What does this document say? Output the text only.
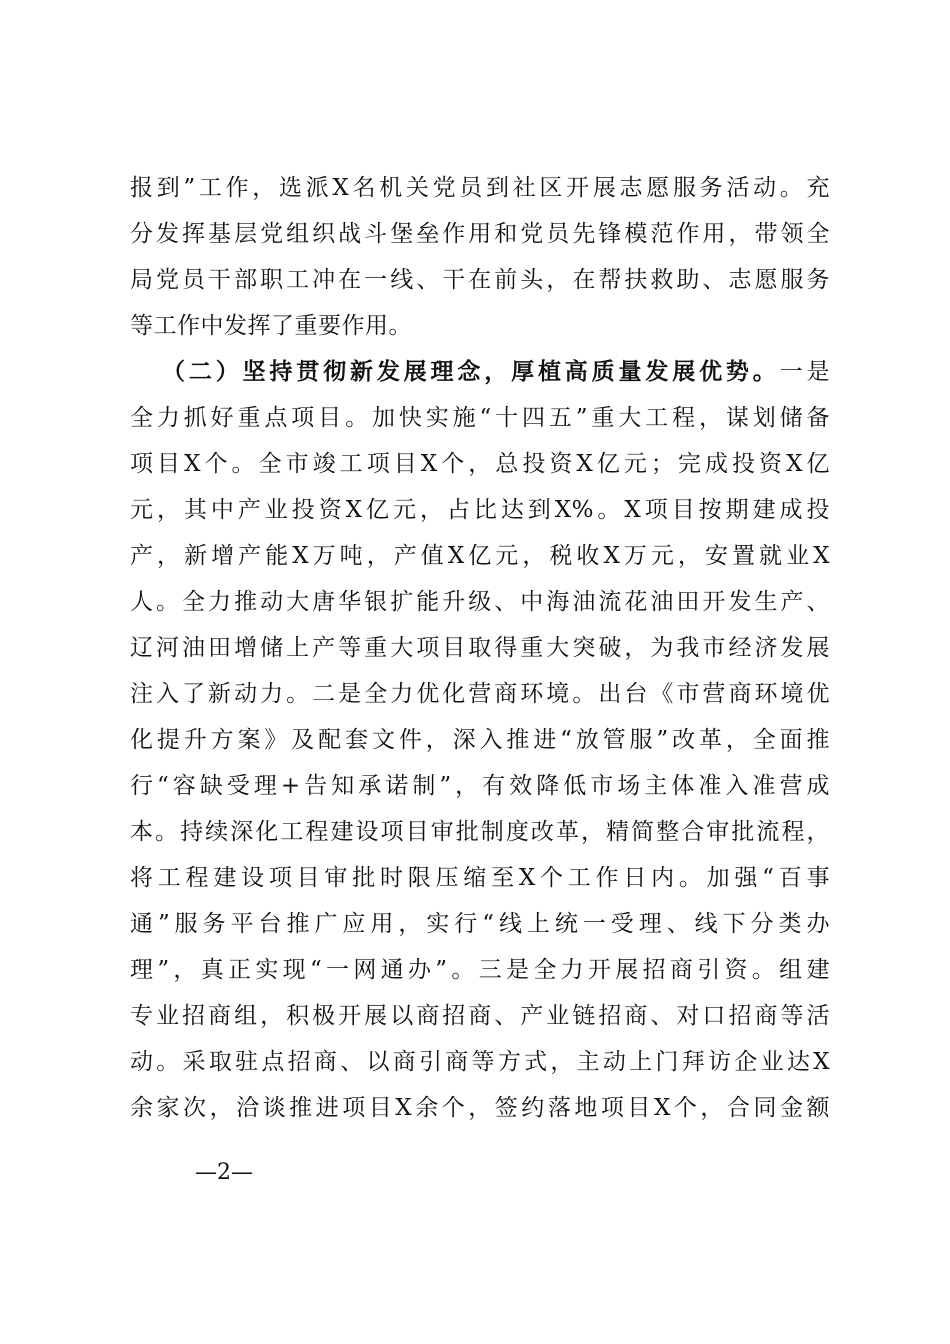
报到”工作，选派X名机关党员到社区开展志愿服务活动。充
分发挥基层党组织战斗堡垒作用和党员先锋模范作用，带领全
局党员干部职工冲在一线、干在前头，在帮扶救助、志愿服务
等工作中发挥了重要作用。
（二）坚持贯彻新发展理念，厚植高质量发展优势。一是
全力抓好重点项目。加快实施“十四五”重大工程，谋划储备
项目X个。全市竣工项目X个，总投资X亿元；完成投资X亿
元，其中产业投资X亿元，占比达到X%。X项目按期建成投
产，新增产能X万吨，产值X亿元，税收X万元，安置就业X
人。全力推动大唐华银扩能升级、中海油流花油田开发生产、
辽河油田增储上产等重大项目取得重大突破，为我市经济发展
注入了新动力。二是全力优化营商环境。出台《市营商环境优
化提升方案》及配套文件，深入推进“放管服”改革，全面推
行“容缺受理+告知承诺制”，有效降低市场主体准入准营成
本。持续深化工程建设项目审批制度改革，精简整合审批流程，
将工程建设项目审批时限压缩至X个工作日内。加强“百事
通”服务平台推广应用，实行“线上统一受理、线下分类办
理”，真正实现“一网通办”。三是全力开展招商引资。组建
专业招商组，积极开展以商招商、产业链招商、对口招商等活
动。采取驻点招商、以商引商等方式，主动上门拜访企业达X
余家次，洽谈推进项目X余个，签约落地项目X个，合同金额
—2—
